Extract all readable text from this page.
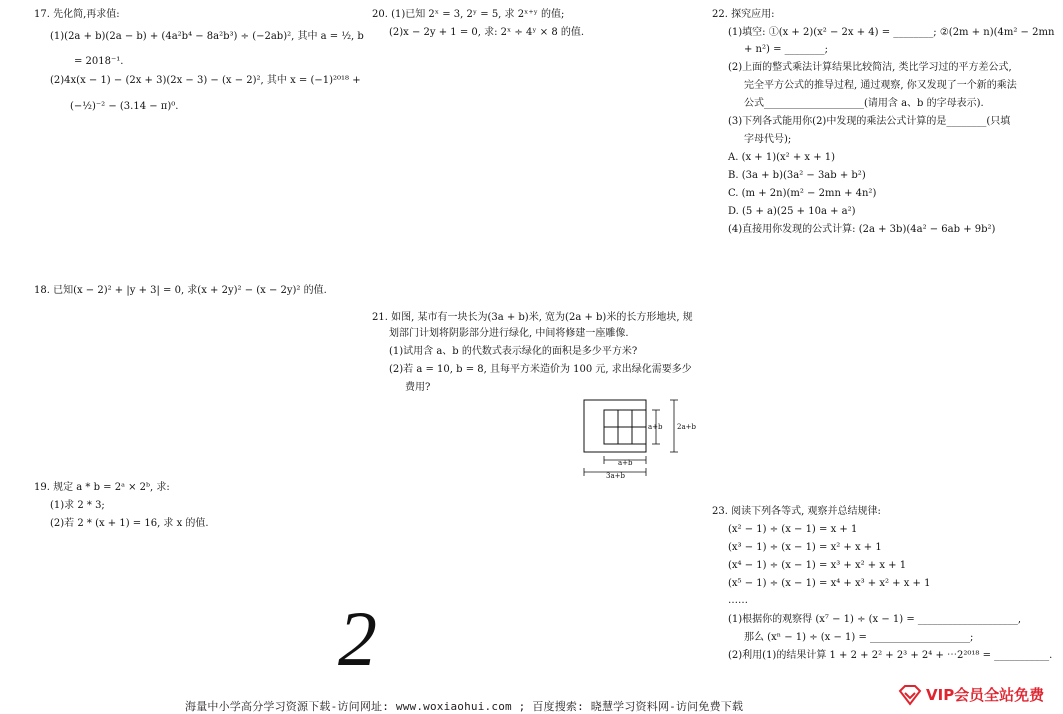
17. 先化简,再求值:
(1)(2a + b)(2a − b) + (4a²b⁴ − 8a²b³) ÷ (−2ab)², 其中 a = ½, b
= 2018⁻¹.
(2)4x(x − 1) − (2x + 3)(2x − 3) − (x − 2)², 其中 x = (−1)²⁰¹⁸ +
(−½)⁻² − (3.14 − π)⁰.
18. 已知(x − 2)² + |y + 3| = 0, 求(x + 2y)² − (x − 2y)² 的值.
19. 规定 a * b = 2ᵃ × 2ᵇ, 求:
(1)求 2 * 3;
(2)若 2 * (x + 1) = 16, 求 x 的值.
20. (1)已知 2ˣ = 3, 2ʸ = 5, 求 2ˣ⁺ʸ 的值;
(2)x − 2y + 1 = 0, 求: 2ˣ ÷ 4ʸ × 8 的值.
21. 如图, 某市有一块长为(3a + b)米, 宽为(2a + b)米的长方形地块, 规
划部门计划将阴影部分进行绿化, 中间将修建一座雕像.
(1)试用含 a、b 的代数式表示绿化的面积是多少平方米?
(2)若 a = 10, b = 8, 且每平方米造价为 100 元, 求出绿化需要多少
费用?
a+b 2a+b
a+b
3a+b
22. 探究应用:
(1)填空: ①(x + 2)(x² − 2x + 4) = ________; ②(2m + n)(4m² − 2mn
+ n²) = ________;
(2)上面的整式乘法计算结果比较简洁, 类比学习过的平方差公式,
完全平方公式的推导过程, 通过观察, 你又发现了一个新的乘法
公式____________________(请用含 a、b 的字母表示).
(3)下列各式能用你(2)中发现的乘法公式计算的是________(只填
字母代号);
A. (x + 1)(x² + x + 1)
B. (3a + b)(3a² − 3ab + b²)
C. (m + 2n)(m² − 2mn + 4n²)
D. (5 + a)(25 + 10a + a²)
(4)直接用你发现的公式计算: (2a + 3b)(4a² − 6ab + 9b²)
23. 阅读下列各等式, 观察并总结规律:
(x² − 1) ÷ (x − 1) = x + 1
(x³ − 1) ÷ (x − 1) = x² + x + 1
(x⁴ − 1) ÷ (x − 1) = x³ + x² + x + 1
(x⁵ − 1) ÷ (x − 1) = x⁴ + x³ + x² + x + 1
……
(1)根据你的观察得 (x⁷ − 1) ÷ (x − 1) = ____________________,
那么 (xⁿ − 1) ÷ (x − 1) = ____________________;
(2)利用(1)的结果计算 1 + 2 + 2² + 2³ + 2⁴ + ⋯2²⁰¹⁸ = ___________.
2
海量中小学高分学习资源下载-访问网址: www.woxiaohui.com ; 百度搜索: 晓慧学习资料网-访问免费下载
VIP会员全站免费
